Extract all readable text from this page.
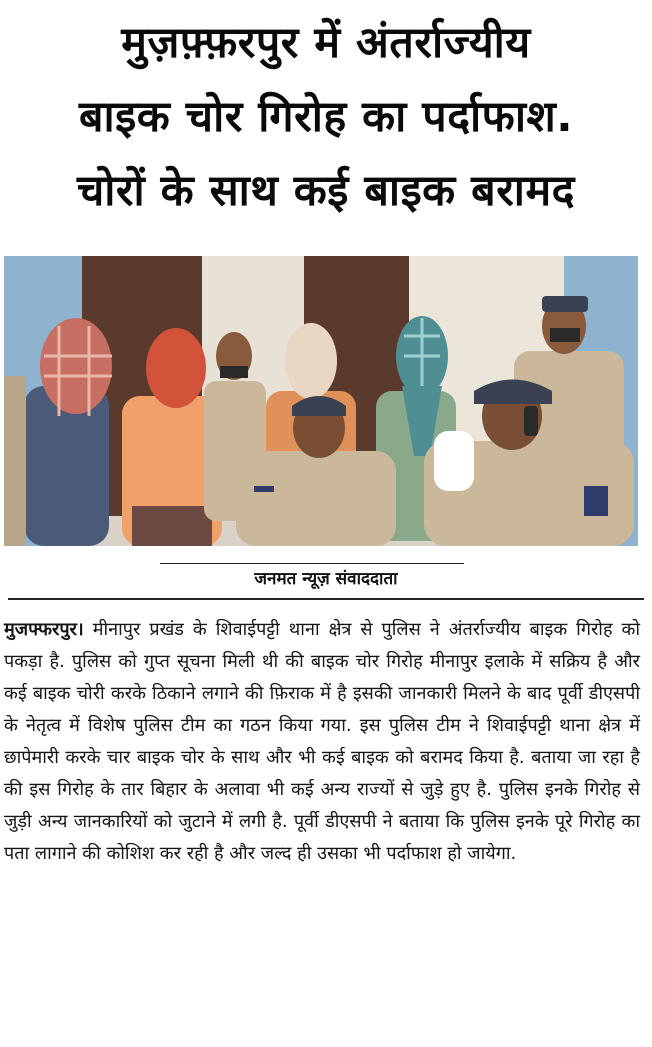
मुज़फ़्फ़रपुर में अंतर्राज्यीय
बाइक चोर गिरोह का पर्दाफाश.
चोरों के साथ कई बाइक बरामद
जनमत न्यूज़ संवाददाता
मुजफ्फरपुर। मीनापुर प्रखंड के शिवाईपट्टी थाना क्षेत्र से पुलिस ने अंतर्राज्यीय बाइक गिरोह को पकड़ा है. पुलिस को गुप्त सूचना मिली थी की बाइक चोर गिरोह मीनापुर इलाके में सक्रिय है और कई बाइक चोरी करके ठिकाने लगाने की फ़िराक में है इसकी जानकारी मिलने के बाद पूर्वी डीएसपी के नेतृत्व में विशेष पुलिस टीम का गठन किया गया. इस पुलिस टीम ने शिवाईपट्टी थाना क्षेत्र में छापेमारी करके चार बाइक चोर के साथ और भी कई बाइक को बरामद किया है. बताया जा रहा है की इस गिरोह के तार बिहार के अलावा भी कई अन्य राज्यों से जुड़े हुए है. पुलिस इनके गिरोह से जुड़ी अन्य जानकारियों को जुटाने में लगी है. पूर्वी डीएसपी ने बताया कि पुलिस इनके पूरे गिरोह का पता लागाने की कोशिश कर रही है और जल्द ही उसका भी पर्दाफाश हो जायेगा.
